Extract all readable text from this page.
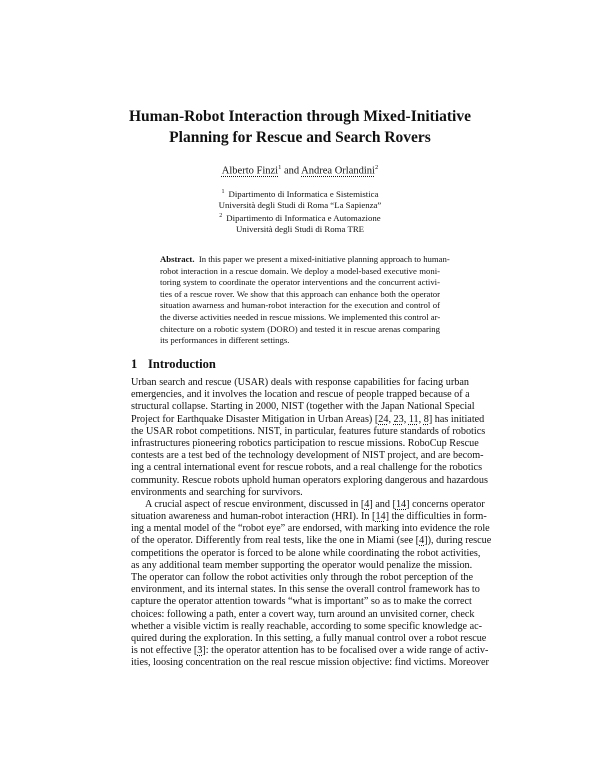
Human-Robot Interaction through Mixed-Initiative
Planning for Rescue and Search Rovers
Alberto Finzi$^1$ and Andrea Orlandini$^2$
$^1$ Dipartimento di Informatica e Sistemistica
Università degli Studi di Roma “La Sapienza”
$^2$ Dipartimento di Informatica e Automazione
Università degli Studi di Roma TRE
Abstract. In this paper we present a mixed-initiative planning approach to human-
robot interaction in a rescue domain. We deploy a model-based executive moni-
toring system to coordinate the operator interventions and the concurrent activi-
ties of a rescue rover. We show that this approach can enhance both the operator
situation awarness and human-robot interaction for the execution and control of
the diverse activities needed in rescue missions. We implemented this control ar-
chitecture on a robotic system (DORO) and tested it in rescue arenas comparing
its performances in different settings.
1 Introduction
Urban search and rescue (USAR) deals with response capabilities for facing urban
emergencies, and it involves the location and rescue of people trapped because of a
structural collapse. Starting in 2000, NIST (together with the Japan National Special
Project for Earthquake Disaster Mitigation in Urban Areas) [24, 23, 11, 8] has initiated
the USAR robot competitions. NIST, in particular, features future standards of robotics
infrastructures pioneering robotics participation to rescue missions. RoboCup Rescue
contests are a test bed of the technology development of NIST project, and are becom-
ing a central international event for rescue robots, and a real challenge for the robotics
community. Rescue robots uphold human operators exploring dangerous and hazardous
environments and searching for survivors.
A crucial aspect of rescue environment, discussed in [4] and [14] concerns operator
situation awareness and human-robot interaction (HRI). In [14] the difficulties in form-
ing a mental model of the “robot eye” are endorsed, with marking into evidence the role
of the operator. Differently from real tests, like the one in Miami (see [4]), during rescue
competitions the operator is forced to be alone while coordinating the robot activities,
as any additional team member supporting the operator would penalize the mission.
The operator can follow the robot activities only through the robot perception of the
environment, and its internal states. In this sense the overall control framework has to
capture the operator attention towards “what is important” so as to make the correct
choices: following a path, enter a covert way, turn around an unvisited corner, check
whether a visible victim is really reachable, according to some specific knowledge ac-
quired during the exploration. In this setting, a fully manual control over a robot rescue
is not effective [3]: the operator attention has to be focalised over a wide range of activ-
ities, loosing concentration on the real rescue mission objective: find victims. Moreover
